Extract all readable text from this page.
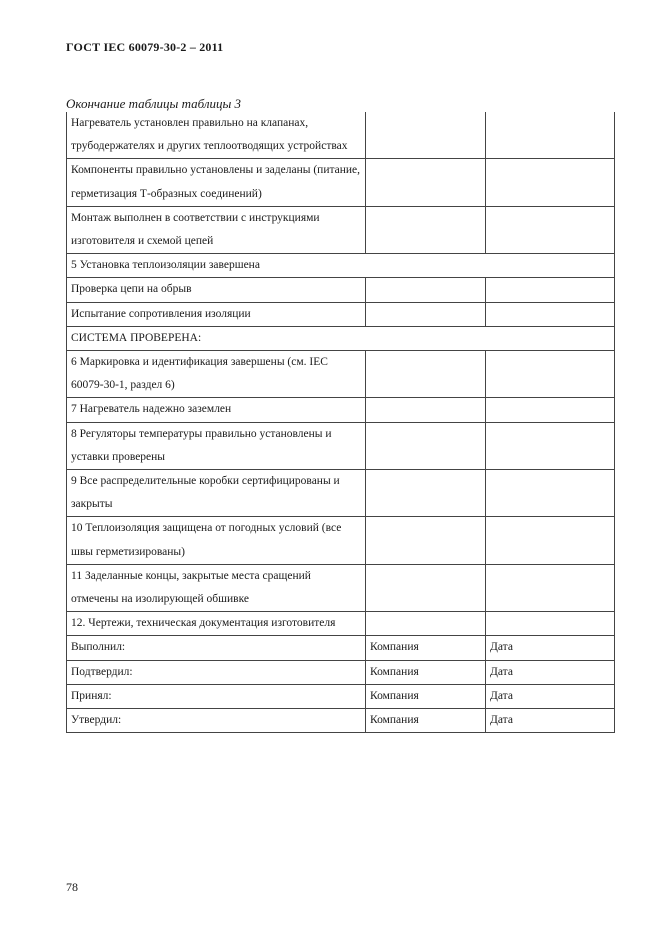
ГОСТ IEC 60079-30-2 – 2011
Окончание таблицы таблицы 3
Нагреватель установлен правильно на клапанах, трубодержателях и других теплоотводящих устройствах		
Компоненты правильно установлены и заделаны (питание, герметизация Т-образных соединений)		
Монтаж выполнен в соответствии с инструкциями изготовителя и схемой цепей		
5 Установка теплоизоляции завершена		
Проверка цепи на обрыв		
Испытание сопротивления изоляции		
СИСТЕМА ПРОВЕРЕНА:		
6 Маркировка и идентификация завершены (см. IEC 60079-30-1, раздел 6)		
7 Нагреватель надежно заземлен		
8 Регуляторы температуры правильно установлены и уставки проверены		
9 Все распределительные коробки сертифицированы и закрыты		
10 Теплоизоляция защищена от погодных условий (все швы герметизированы)		
11 Заделанные концы, закрытые места сращений отмечены на изолирующей обшивке		
12. Чертежи, техническая документация изготовителя		
Выполнил:	Компания	Дата
Подтвердил:	Компания	Дата
Принял:	Компания	Дата
Утвердил:	Компания	Дата
78
